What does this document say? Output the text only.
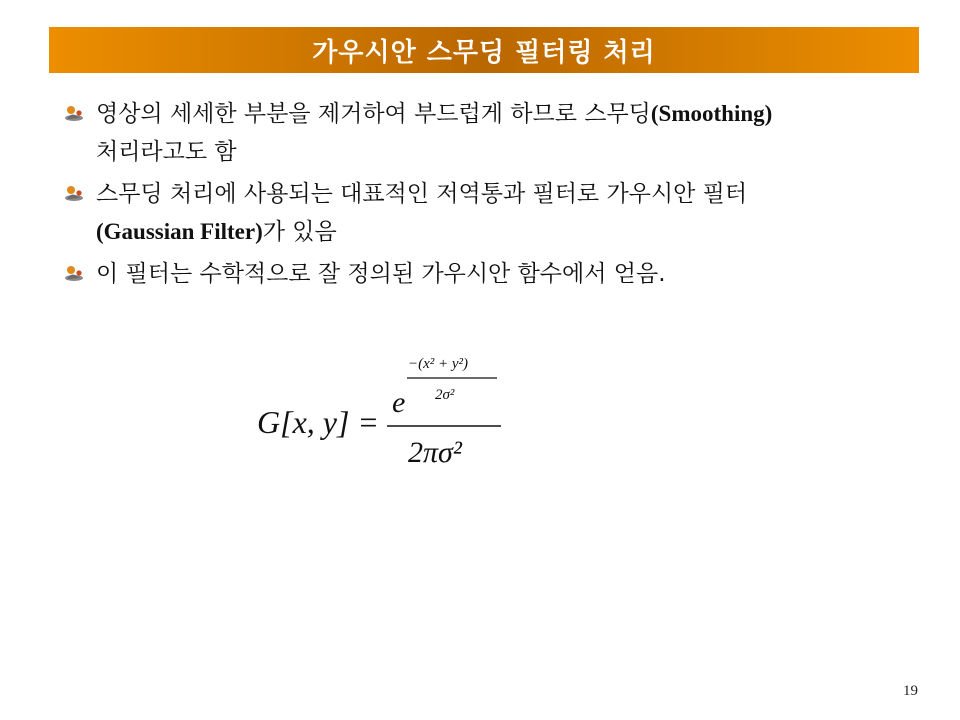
가우시안 스무딩 필터링 처리
영상의 세세한 부분을 제거하여 부드럽게 하므로 스무딩(Smoothing)
처리라고도 함
스무딩 처리에 사용되는 대표적인 저역통과 필터로 가우시안 필터
(Gaussian Filter)가 있음
이 필터는 수학적으로 잘 정의된 가우시안 함수에서 얻음.
G[x, y] =
e
−(x² + y²)
2σ²
2πσ²
19
